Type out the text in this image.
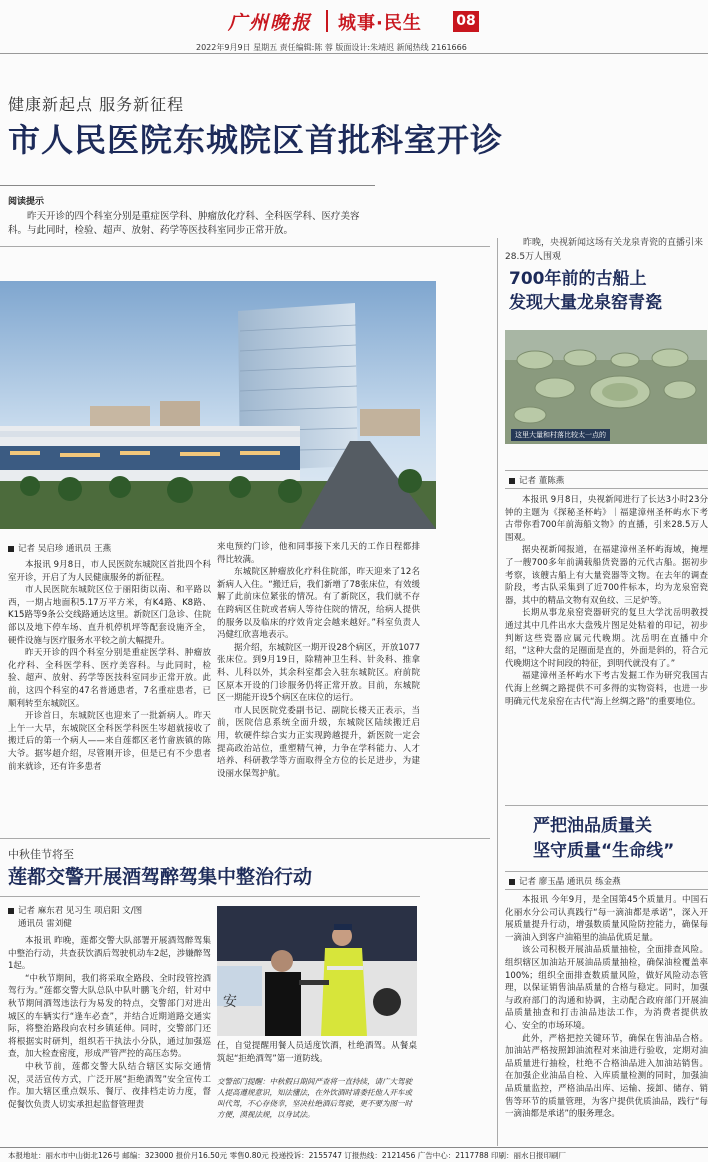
广州晚报 城事·民生 08
2022年9月9日 星期五 责任编辑:陈 蓉 版面设计:朱靖迟 新闻热线 2161666
健康新起点 服务新征程
市人民医院东城院区首批科室开诊
阅读提示
昨天开诊的四个科室分别是重症医学科、肿瘤放化疗科、全科医学科、医疗美容科。与此同时，检验、超声、放射、药学等医技科室同步正常开放。
记者 吴启珍 通讯员 王燕

本报讯 9月8日，市人民医院东城院区首批四个科室开诊，开启了为人民健康服务的新征程。

市人民医院东城院区位于丽阳街以南、和平路以西，一期占地面积5.17万平方米，有K4路、K8路、K15路等9条公交线路通达这里。新院区门急诊、住院部以及地下停车场、直升机停机坪等配套设施齐全，硬件设施与医疗服务水平较之前大幅提升。

昨天开诊的四个科室分别是重症医学科、肿瘤放化疗科、全科医学科、医疗美容科。与此同时，检验、超声、放射、药学等医技科室同步正常开放。此前，这四个科室的47名普通患者，7名重症患者，已顺利转至东城院区。

开诊首日，东城院区也迎来了一批新病人。昨天上午一大早，东城院区全科医学科医生岑超就接收了搬迁后的第一个病人——来自莲都区老竹畲族镇的陈大爷。据岑超介绍，尽管刚开诊，但是已有不少患者前来就诊，还有许多患者

来电预约门诊，他和同事接下来几天的工作日程都排得比较满。

东城院区肿瘤放化疗科住院部，昨天迎来了12名新病人入住。“搬迁后，我们新增了78张床位，有效缓解了此前床位紧张的情况。有了新院区，我们就不存在跨病区住院或者病人等待住院的情况，给病人提供的服务以及临床的疗效肯定会越来越好。”科室负责人冯健红欣喜地表示。

据介绍，东城院区一期开设28个病区，开放1077张床位。到9月19日，除精神卫生科、针灸科、推拿科、儿科以外，其余科室都会入驻东城院区。府前院区原本开设的门诊服务仍将正常开放。目前，东城院区一期能开设5个病区在床位的运行。

市人民医院党委副书记、副院长楼天正表示，当前，医院信息系统全面升级，东城院区陆续搬迁启用，软硬件综合实力正实现跨越提升，新医院一定会提高政治站位，重塑精气神，力争在学科能力、人才培养、科研教学等方面取得全方位的长足进步，为建设丽水保驾护航。

中秋佳节将至
莲都交警开展酒驾醉驾集中整治行动
记者 麻东君 见习生 项启阳 文/图
通讯员 雷刘健

本报讯 昨晚，莲都交警大队部署开展酒驾醉驾集中整治行动，共查获饮酒后驾驶机动车2起，涉嫌醉驾1起。

“中秋节期间，我们将采取全路段、全时段管控酒驾行为。”莲都交警大队总队中队叶鹏飞介绍，针对中秋节期间酒驾违法行为易发的特点，交警部门对进出城区的车辆实行“逢车必查”，并结合近期道路交通实际，将整治路段向农村乡镇延伸。同时，交警部门还将根据实时研判，组织若干执法小分队，通过加强巡查，加大检查密度，形成严管严控的高压态势。

中秋节前，莲都交警大队结合辖区实际交通情况，灵活宣传方式，广泛开展“拒绝酒驾”安全宣传工作。加大辖区重点娱乐、餐厅、夜排档走访力度，督促餐饮负责人切实承担起监督管理责

安

任，自觉提醒用餐人员适度饮酒，杜绝酒驾。从餐桌筑起“拒绝酒驾”第一道防线。

交警部门提醒：中秋假日期间严查将一直持续，请广大驾驶人提高遵规意识，知法懂法，在外饮酒时请委托他人开车或叫代驾，不心存侥幸，坚决杜绝酒后驾驶，更不要为图一时方便，漠视法规，以身试法。
昨晚，央视新闻这场有关龙泉青瓷的直播引来28.5万人围观
700年前的古船上
发现大量龙泉窑青瓷
这里大量和村落比较太一点的
记者 董陈燕

本报讯 9月8日，央视新闻进行了长达3小时23分钟的主题为《探秘圣杯屿》｜福建漳州圣杯屿水下考古带你看700年前海船文物》的直播，引来28.5万人围观。

据央视新闻报道，在福建漳州圣杯屿海域，掩埋了一艘700多年前满载船货瓷器的元代古船。据初步考察，该艘古船上有大量瓷器等文物。在去年的调查阶段，考古队采集到了近700件标本，均为龙泉窑瓷器，其中的精品文物有双鱼纹、三足炉等。

长期从事龙泉窑瓷器研究的复旦大学沈岳明教授通过其中几件出水大盘残片图足处粘着的印记，初步判断这些瓷器应属元代晚期。沈岳明在直播中介绍，“这种大盘的足圈面是直的，外面是斜的，符合元代晚期这个时间段的特征，到明代就没有了。”

福建漳州圣杯屿水下考古发掘工作为研究我国古代海上丝绸之路提供不可多得的实物资料，也进一步明确元代龙泉窑在古代“海上丝绸之路”的重要地位。

严把油品质量关
坚守质量“生命线”
记者 廖玉晶 通讯员 练金燕

本报讯 今年9月，是全国第45个质量月。中国石化丽水分公司认真践行“每一滴油都是承诺”，深入开展质量提升行动，增强数质量风险防控能力，确保每一滴油入到客户油箱里的油品优质足量。

该公司积极开展油品质量抽检，全面排查风险。组织辖区加油站开展油品质量抽检，确保油检覆盖率100%；组织全面排查数质量风险，做好风险动态管理，以保证销售油品质量的合格与稳定。同时，加强与政府部门的沟通和协调，主动配合政府部门开展油品质量抽查和打击油品违法工作，为消费者提供放心、安全的市场环境。

此外，严格把控关键环节，确保在售油品合格。加油站严格按照卸油流程对来油进行验收，定期对油品质量进行抽检，杜绝不合格油品进入加油站销售。在加强企业油品自检、入库质量检测的同时，加强油品质量监控，严格油品出库、运输、接卸、储存、销售等环节的质量管理，为客户提供优质油品，践行“每一滴油都是承诺”的服务理念。

本报地址：丽水市中山街北126号 邮编：323000 报价月16.50元 零售0.80元 投递投诉：2155747 订报热线：2121456 广告中心：2117788 印刷：丽水日报印刷厂
